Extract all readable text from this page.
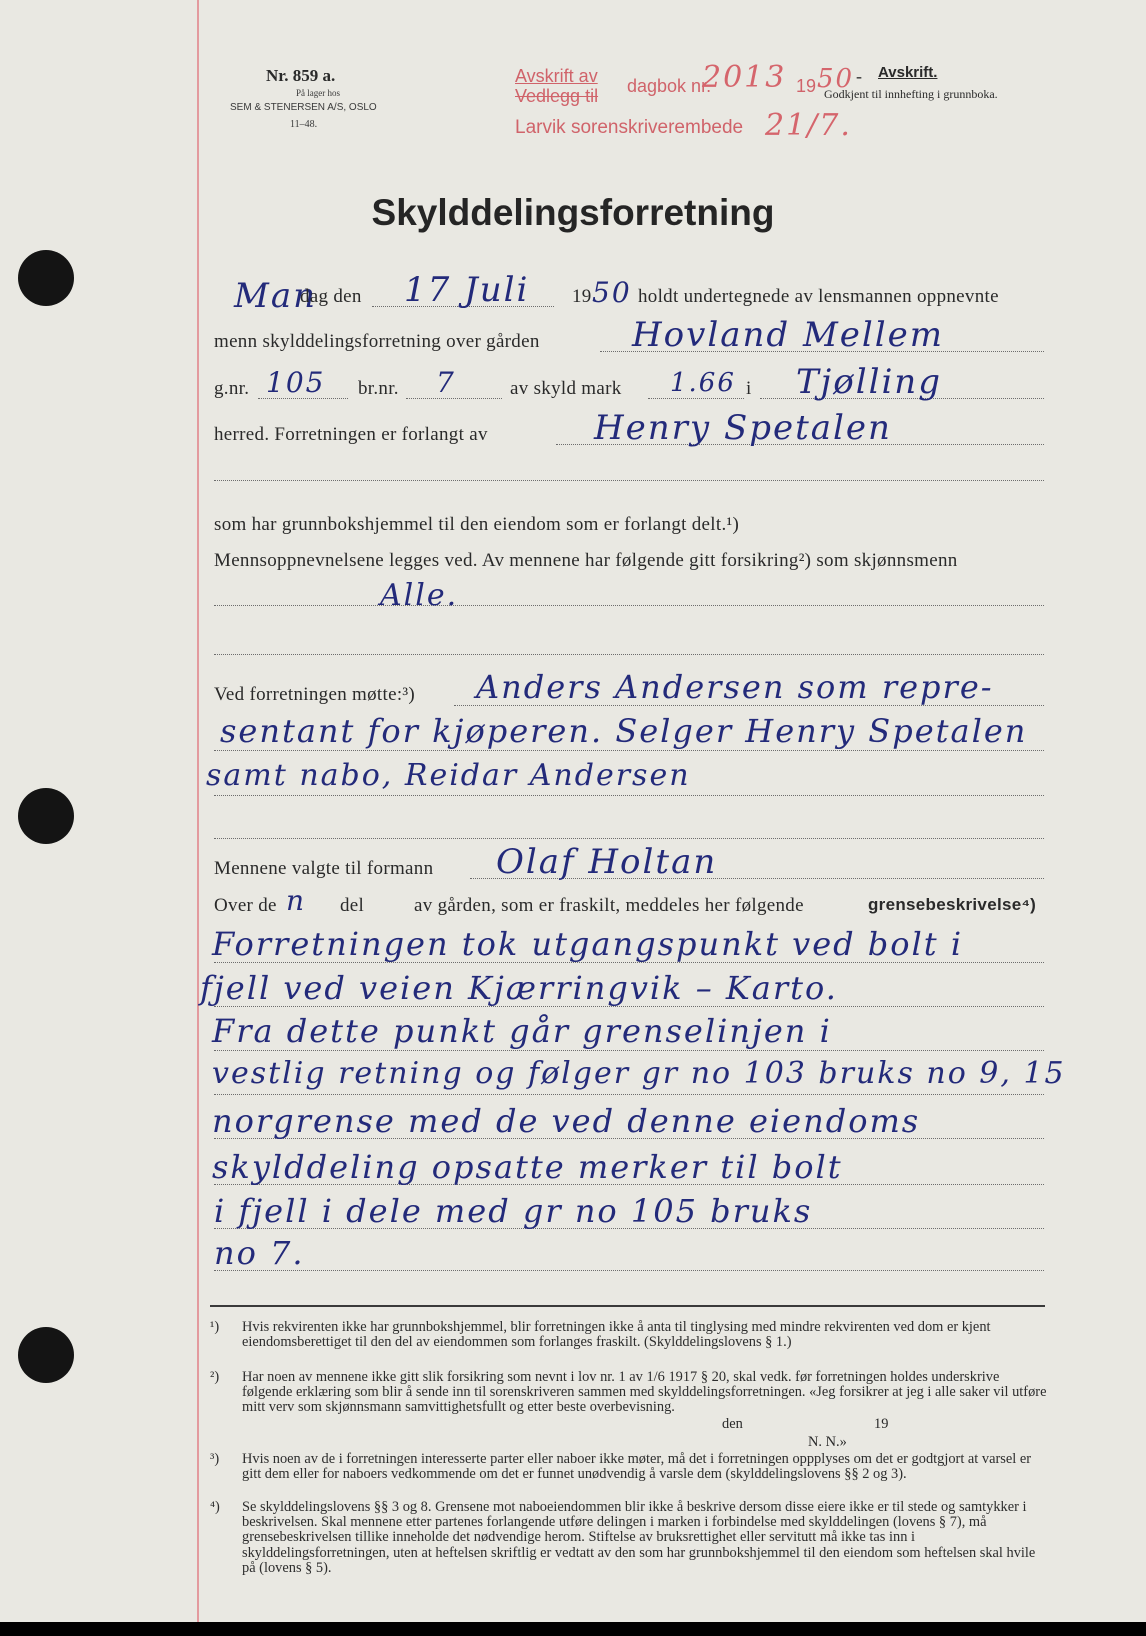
Nr. 859 a.
På lager hos
SEM & STENERSEN A/S, OSLO
11–48.
Avskrift av
Vedlegg til dagbok nr.
2013 19 50 -
Larvik sorenskriverembede 21/7.
Avskrift.
Godkjent til innhefting i grunnboka.
Skylddelingsforretning
Man
dag den 17 Juli 19 50 holdt undertegnede av lensmannen oppnevnte
menn skylddelingsforretning over gården	Hovland Mellem
g.nr. 105 br.nr. 7	av skyld mark 1.66 i Tjølling
herred. Forretningen er forlangt av	Henry Spetalen
som har grunnbokshjemmel til den eiendom som er forlangt delt.¹)
Mennsoppnevnelsene legges ved. Av mennene har følgende gitt forsikring²) som skjønnsmenn
Alle.
Ved forretningen møtte:³) Anders Andersen som repre-
sentant for kjøperen. Selger Henry Spetalen
samt nabo, Reidar Andersen
Mennene valgte til formann Olaf Holtan
Over de n del	av gården, som er fraskilt, meddeles her følgende	grensebeskrivelse⁴)
Forretningen tok utgangspunkt ved bolt i
fjell ved veien Kjærringvik – Karto.
Fra dette punkt går grenselinjen i
vestlig retning og følger gr no 103 bruks no 9, 15
norgrense med de ved denne eiendoms
skylddeling opsatte merker til bolt
i fjell i dele med gr no 105 bruks
no 7.
¹)	Hvis rekvirenten ikke har grunnbokshjemmel, blir forretningen ikke å anta til tinglysing med mindre rekvirenten ved dom er kjent eiendomsberettiget til den del av eiendommen som forlanges fraskilt. (Skylddelingslovens § 1.)
²)	Har noen av mennene ikke gitt slik forsikring som nevnt i lov nr. 1 av 1/6 1917 § 20, skal vedk. før forretningen holdes underskrive følgende erklæring som blir å sende inn til sorenskriveren sammen med skylddelingsforretningen. «Jeg forsikrer at jeg i alle saker vil utføre mitt verv som skjønnsmann samvittighetsfullt og etter beste overbevisning.
den	19
N. N.»
³)	Hvis noen av de i forretningen interesserte parter eller naboer ikke møter, må det i forretningen oppplyses om det er godtgjort at varsel er gitt dem eller for naboers vedkommende om det er funnet unødvendig å varsle dem (skylddelingslovens §§ 2 og 3).
⁴)	Se skylddelingslovens §§ 3 og 8. Grensene mot naboeiendommen blir ikke å beskrive dersom disse eiere ikke er til stede og samtykker i beskrivelsen. Skal mennene etter partenes forlangende utføre delingen i marken i forbindelse med skylddelingen (lovens § 7), må grensebeskrivelsen tillike inneholde det nødvendige herom. Stiftelse av bruksrettighet eller servitutt må ikke tas inn i skylddelingsforretningen, uten at heftelsen skriftlig er vedtatt av den som har grunnbokshjemmel til den eiendom som heftelsen skal hvile på (lovens § 5).
